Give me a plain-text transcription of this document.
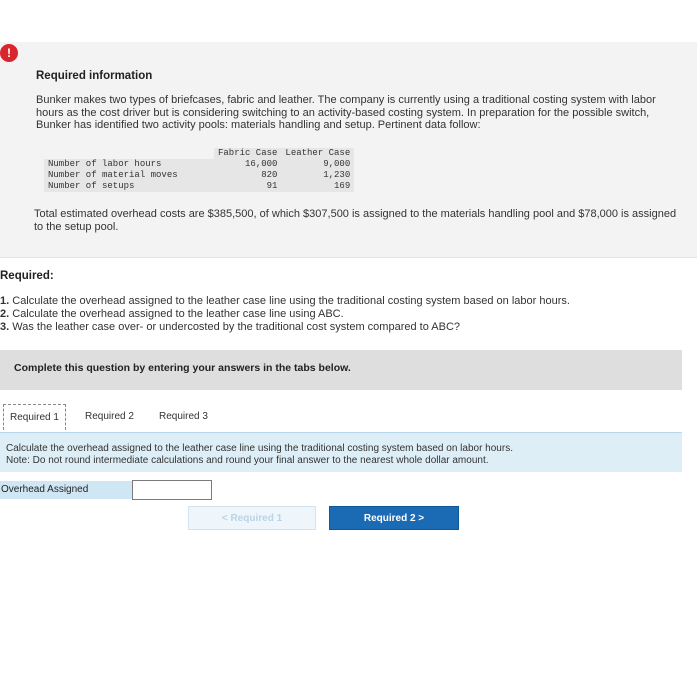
!
Required information
Bunker makes two types of briefcases, fabric and leather. The company is currently using a traditional costing system with labor hours as the cost driver but is considering switching to an activity-based costing system. In preparation for the possible switch, Bunker has identified two activity pools: materials handling and setup. Pertinent data follow:
	Fabric Case	Leather Case
Number of labor hours	16,000	9,000
Number of material moves	820	1,230
Number of setups	91	169
Total estimated overhead costs are $385,500, of which $307,500 is assigned to the materials handling pool and $78,000 is assigned to the setup pool.
Required:
1. Calculate the overhead assigned to the leather case line using the traditional costing system based on labor hours.
2. Calculate the overhead assigned to the leather case line using ABC.
3. Was the leather case over- or undercosted by the traditional cost system compared to ABC?
Complete this question by entering your answers in the tabs below.
Required 1	Required 2	Required 3
Calculate the overhead assigned to the leather case line using the traditional costing system based on labor hours.
Note: Do not round intermediate calculations and round your final answer to the nearest whole dollar amount.
Overhead Assigned
< Required 1	Required 2 >
